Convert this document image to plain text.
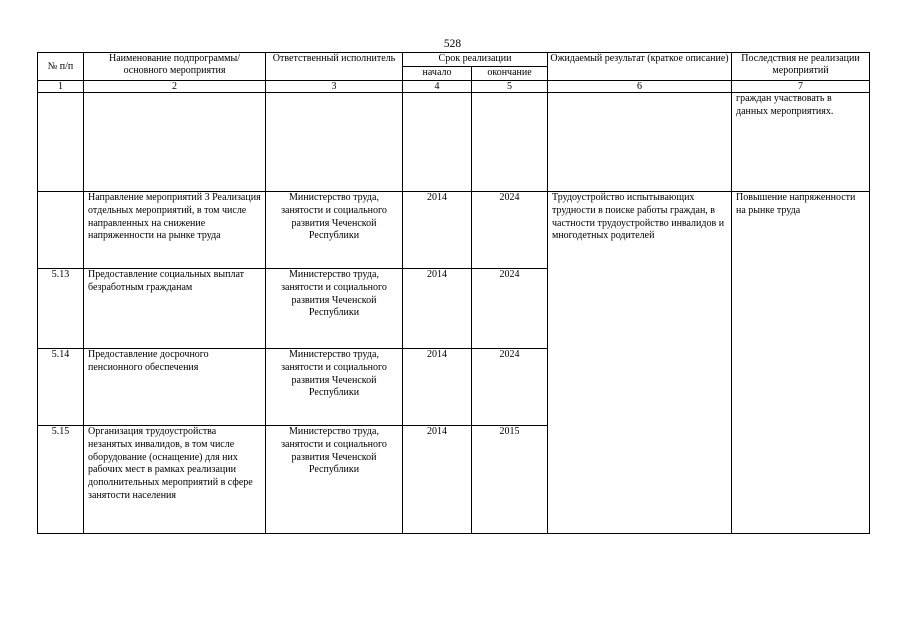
528
№ п/п	Наименование подпрограммы/ основного мероприятия	Ответственный исполнитель	Срок реализации		Ожидаемый результат (краткое описание)	Последствия не реализации мероприятий
			начало	окончание		
1	2	3	4	5	6	7
						граждан участвовать в данных мероприятиях.
	Направление мероприятий 3 Реализация отдельных мероприятий, в том числе направленных на снижение напряженности на рынке труда	Министерство труда, занятости и социального развития Чеченской Республики	2014	2024	Трудоустройство испытывающих трудности в поиске работы граждан, в частности трудоустройство инвалидов и многодетных родителей	Повышение напряженности на рынке труда
5.13	Предоставление социальных выплат безработным гражданам	Министерство труда, занятости и социального развития Чеченской Республики	2014	2024		
5.14	Предоставление досрочного пенсионного обеспечения	Министерство труда, занятости и социального развития Чеченской Республики	2014	2024		
5.15	Организация трудоустройства незанятых инвалидов, в том числе оборудование (оснащение) для них рабочих мест в рамках реализации дополнительных мероприятий в сфере занятости населения	Министерство труда, занятости и социального развития Чеченской Республики	2014	2015		
